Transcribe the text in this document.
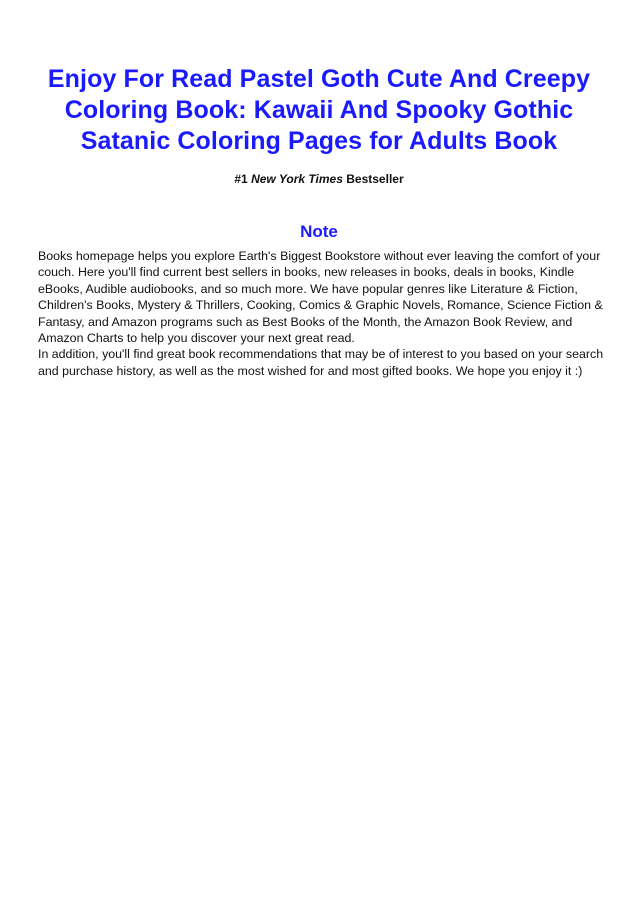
Enjoy For Read Pastel Goth Cute And Creepy Coloring Book: Kawaii And Spooky Gothic Satanic Coloring Pages for Adults Book
#1 New York Times Bestseller
Note

Books homepage helps you explore Earth's Biggest Bookstore without ever leaving the comfort of your couch. Here you'll find current best sellers in books, new releases in books, deals in books, Kindle eBooks, Audible audiobooks, and so much more. We have popular genres like Literature & Fiction, Children's Books, Mystery & Thrillers, Cooking, Comics & Graphic Novels, Romance, Science Fiction & Fantasy, and Amazon programs such as Best Books of the Month, the Amazon Book Review, and Amazon Charts to help you discover your next great read.

In addition, you'll find great book recommendations that may be of interest to you based on your search and purchase history, as well as the most wished for and most gifted books. We hope you enjoy it :)
